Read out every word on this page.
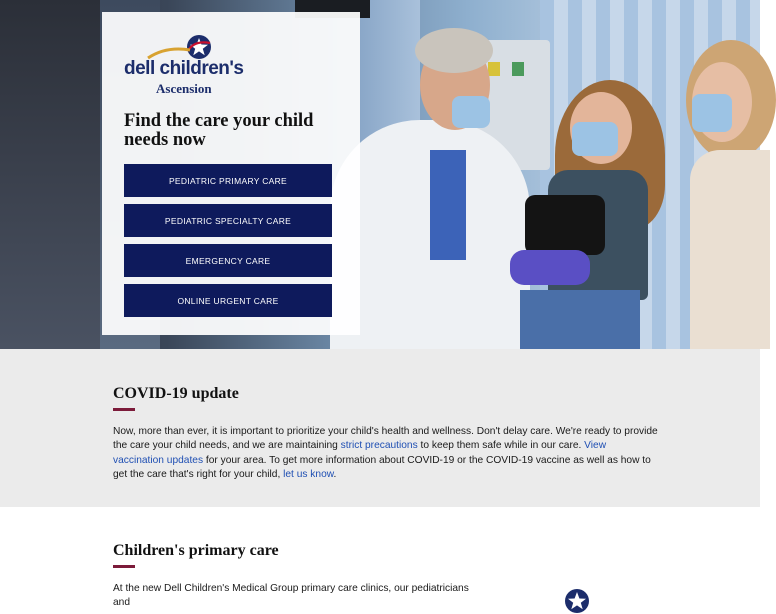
dell children's
Ascension
Find the care your child needs now
PEDIATRIC PRIMARY CARE
PEDIATRIC SPECIALTY CARE
EMERGENCY CARE
ONLINE URGENT CARE
COVID-19 update

Now, more than ever, it is important to prioritize your child's health and wellness. Don't delay care. We're ready to provide the care your child needs, and we are maintaining strict precautions to keep them safe while in our care. View vaccination updates for your area. To get more information about COVID-19 or the COVID-19 vaccine as well as how to get the care that's right for your child, let us know.

Children's primary care

At the new Dell Children's Medical Group primary care clinics, our pediatricians and
